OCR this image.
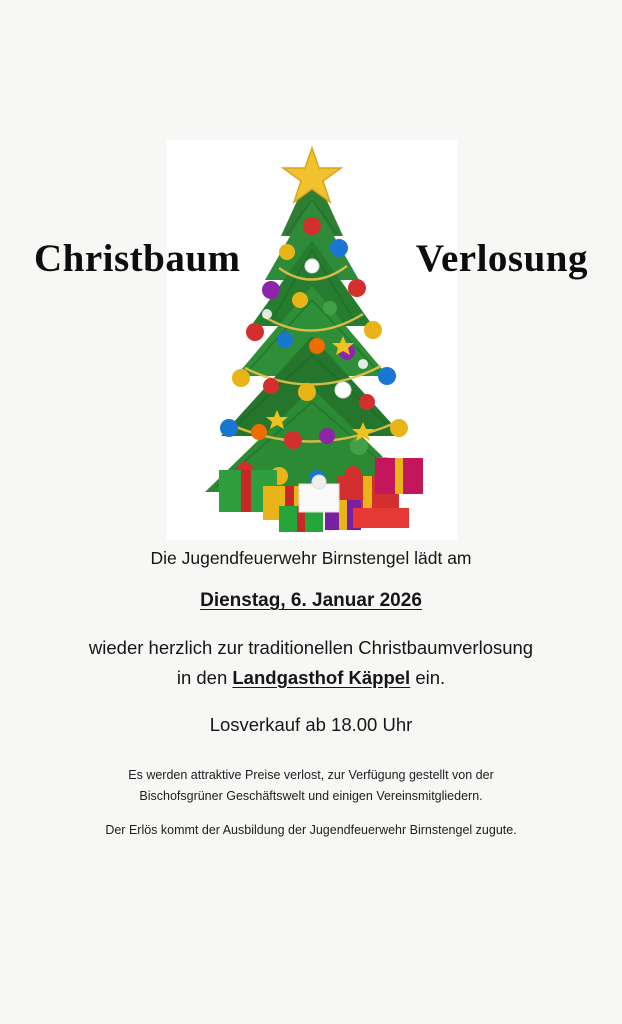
Christbaum	Verlosung

Die Jugendfeuerwehr Birnstengel lädt am

Dienstag, 6. Januar 2026

wieder herzlich zur traditionellen Christbaumverlosung

in den Landgasthof Käppel ein.

Losverkauf ab 18.00 Uhr

Es werden attraktive Preise verlost, zur Verfügung gestellt von der

Bischofsgrüner Geschäftswelt und einigen Vereinsmitgliedern.

Der Erlös kommt der Ausbildung der Jugendfeuerwehr Birnstengel zugute.
